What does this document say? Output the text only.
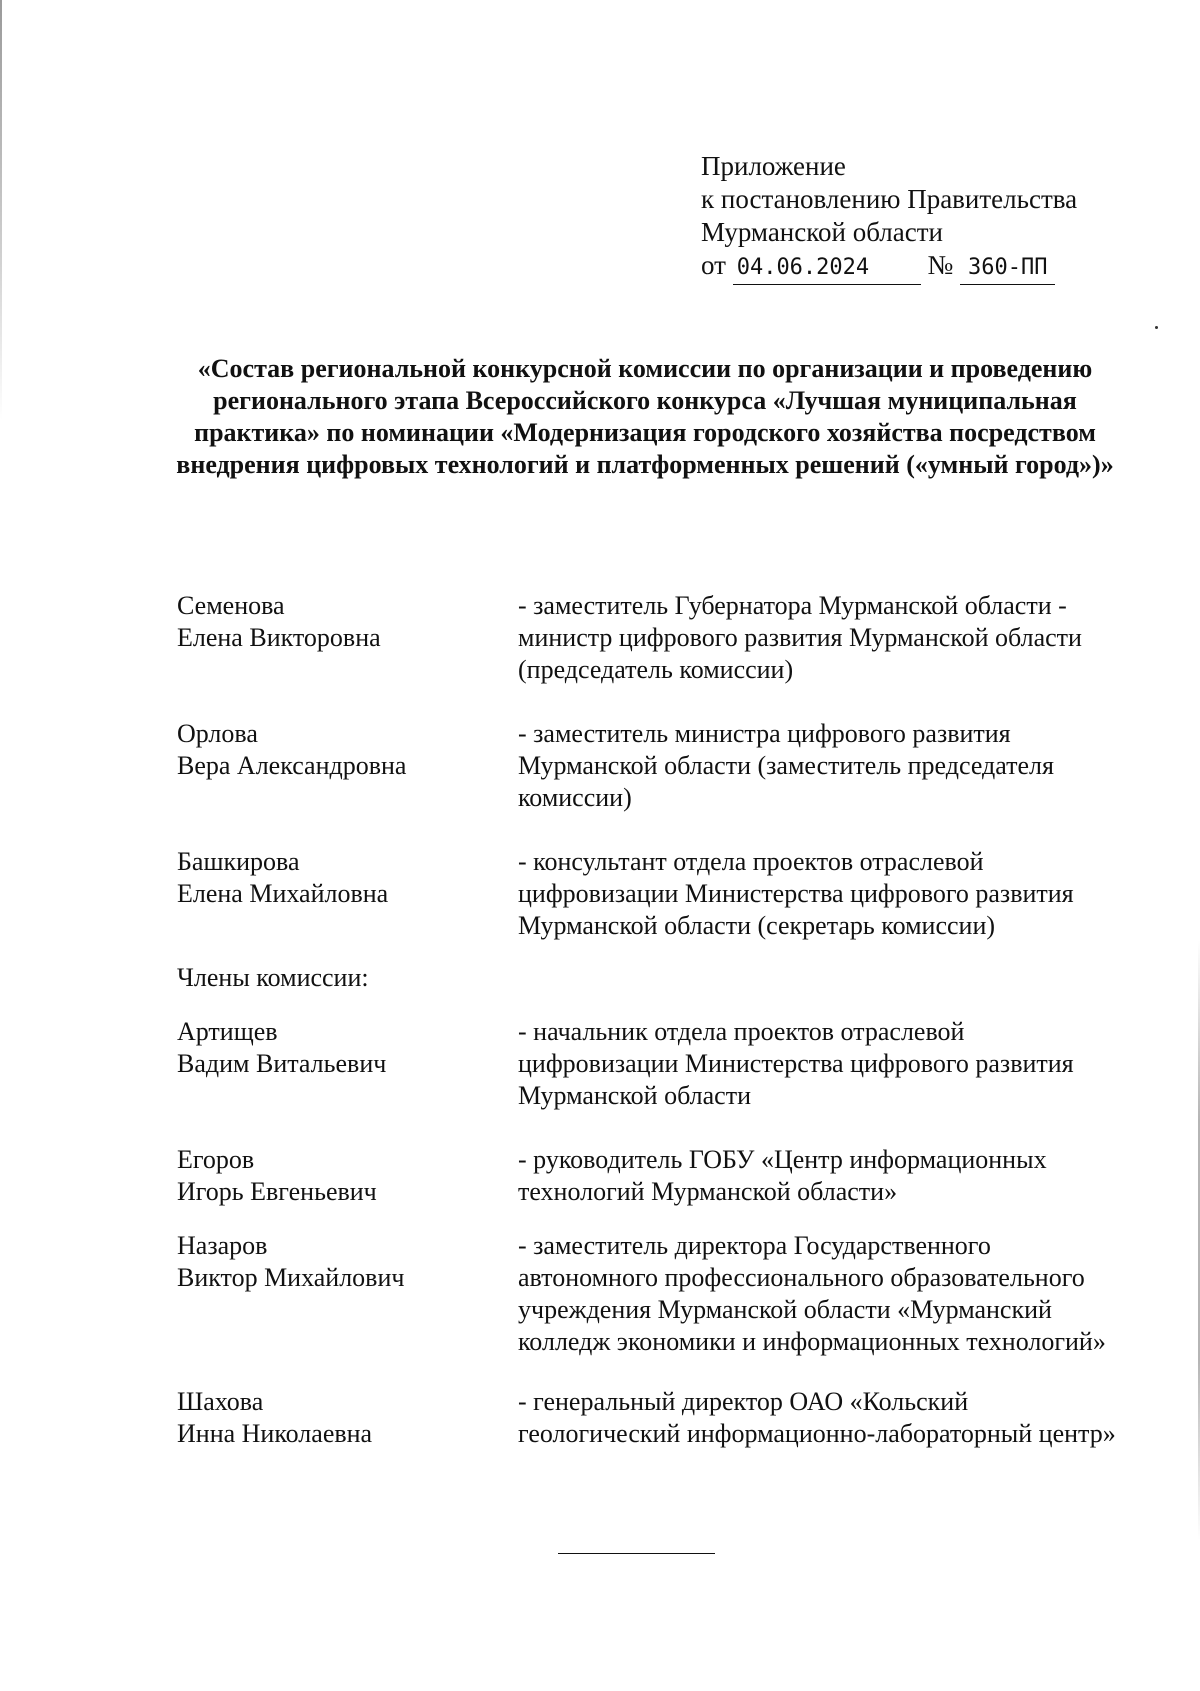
Приложение
к постановлению Правительства
Мурманской области
от 04.06.2024 № 360-ПП
«Состав региональной конкурсной комиссии по организации и проведению регионального этапа Всероссийского конкурса «Лучшая муниципальная практика» по номинации «Модернизация городского хозяйства посредством внедрения цифровых технологий и платформенных решений («умный город»)»
Семенова
Елена Викторовна
- заместитель Губернатора Мурманской области - министр цифрового развития Мурманской области (председатель комиссии)
Орлова
Вера Александровна
- заместитель министра цифрового развития Мурманской области (заместитель председателя комиссии)
Башкирова
Елена Михайловна
- консультант отдела проектов отраслевой цифровизации Министерства цифрового развития Мурманской области (секретарь комиссии)
Члены комиссии:
Артищев
Вадим Витальевич
- начальник отдела проектов отраслевой цифровизации Министерства цифрового развития Мурманской области
Егоров
Игорь Евгеньевич
- руководитель ГОБУ «Центр информационных технологий Мурманской области»
Назаров
Виктор Михайлович
- заместитель директора Государственного автономного профессионального образовательного учреждения Мурманской области «Мурманский колледж экономики и информационных технологий»
Шахова
Инна Николаевна
- генеральный директор ОАО «Кольский геологический информационно-лабораторный центр»
